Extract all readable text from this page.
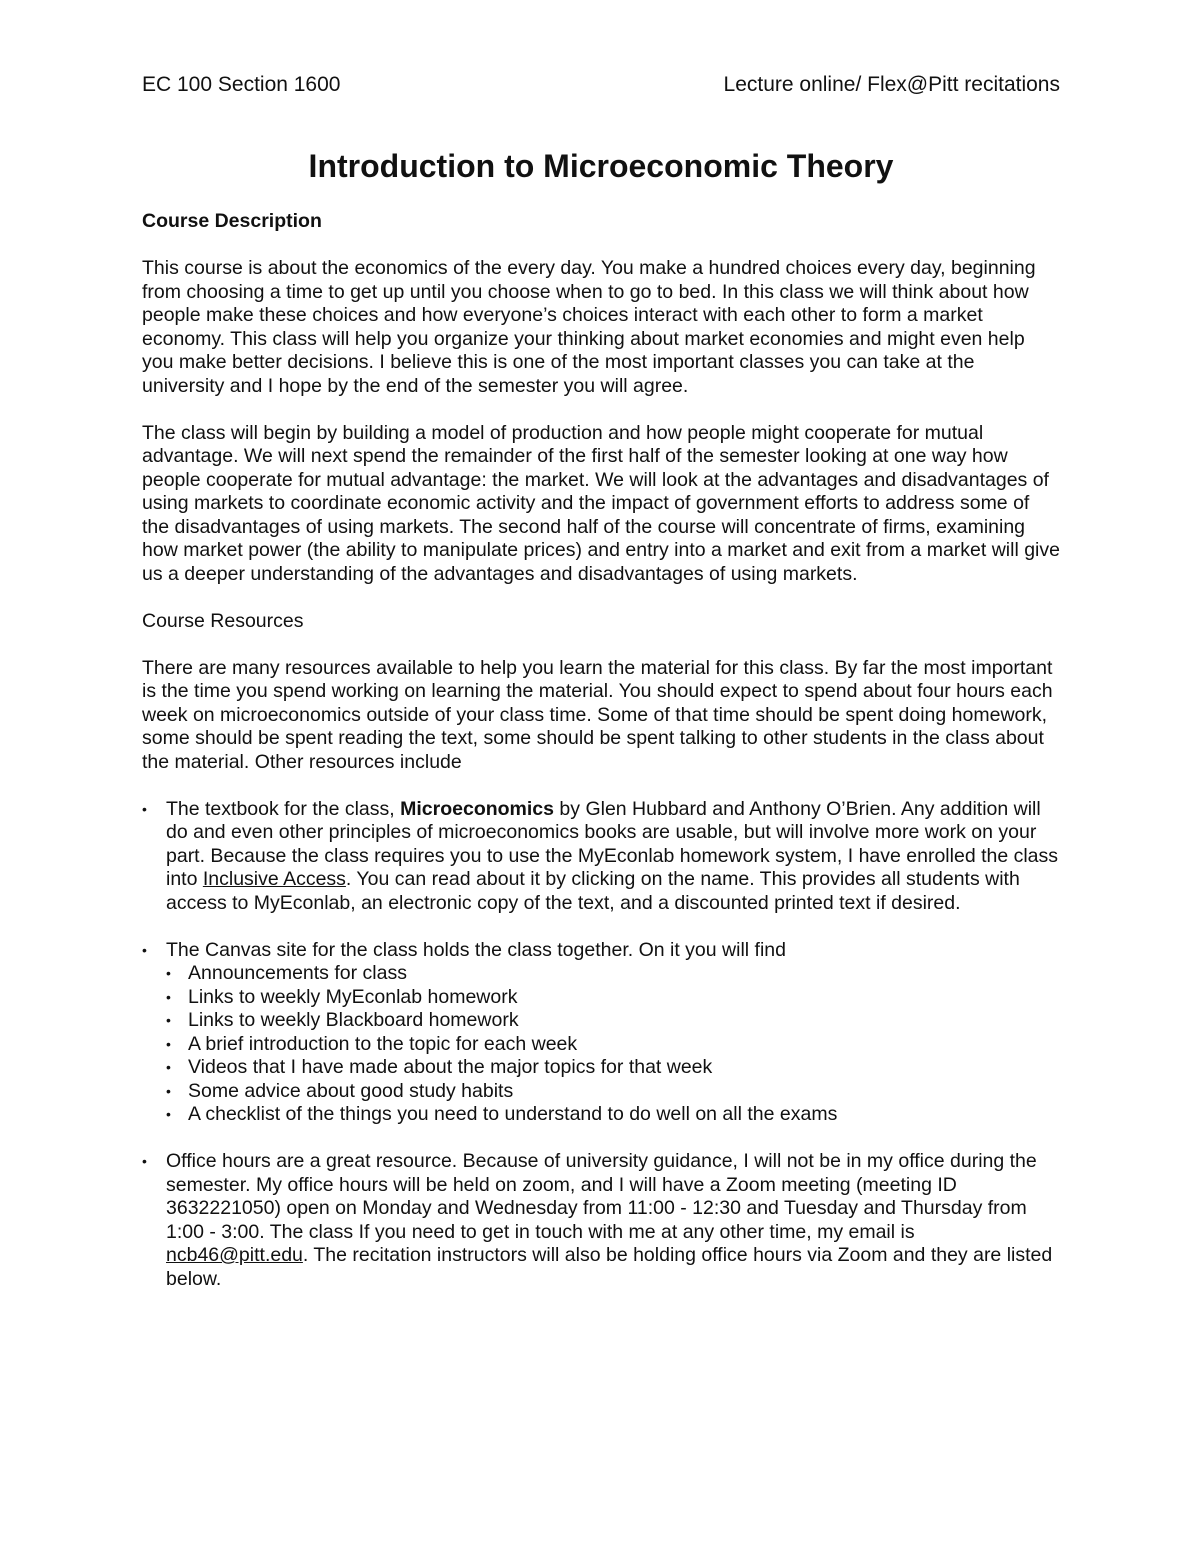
EC 100 Section 1600	Lecture online/ Flex@Pitt recitations
Introduction to Microeconomic Theory
Course Description

This course is about the economics of the every day. You make a hundred choices every day, beginning from choosing a time to get up until you choose when to go to bed. In this class we will think about how people make these choices and how everyone’s choices interact with each other to form a market economy. This class will help you organize your thinking about market economies and might even help you make better decisions. I believe this is one of the most important classes you can take at the university and I hope by the end of the semester you will agree.

The class will begin by building a model of production and how people might cooperate for mutual advantage. We will next spend the remainder of the first half of the semester looking at one way how people cooperate for mutual advantage: the market. We will look at the advantages and disadvantages of using markets to coordinate economic activity and the impact of government efforts to address some of the disadvantages of using markets. The second half of the course will concentrate of firms, examining how market power (the ability to manipulate prices) and entry into a market and exit from a market will give us a deeper understanding of the advantages and disadvantages of using markets.

Course Resources

There are many resources available to help you learn the material for this class. By far the most important is the time you spend working on learning the material. You should expect to spend about four hours each week on microeconomics outside of your class time. Some of that time should be spent doing homework, some should be spent reading the text, some should be spent talking to other students in the class about the material. Other resources include

• The textbook for the class, Microeconomics by Glen Hubbard and Anthony O’Brien. Any addition will do and even other principles of microeconomics books are usable, but will involve more work on your part. Because the class requires you to use the MyEconlab homework system, I have enrolled the class into Inclusive Access. You can read about it by clicking on the name. This provides all students with access to MyEconlab, an electronic copy of the text, and a discounted printed text if desired.
• The Canvas site for the class holds the class together. On it you will find
• Announcements for class
• Links to weekly MyEconlab homework
• Links to weekly Blackboard homework
• A brief introduction to the topic for each week
• Videos that I have made about the major topics for that week
• Some advice about good study habits
• A checklist of the things you need to understand to do well on all the exams
• Office hours are a great resource. Because of university guidance, I will not be in my office during the semester. My office hours will be held on zoom, and I will have a Zoom meeting (meeting ID 3632221050) open on Monday and Wednesday from 11:00 - 12:30 and Tuesday and Thursday from 1:00 - 3:00. The class If you need to get in touch with me at any other time, my email is ncb46@pitt.edu. The recitation instructors will also be holding office hours via Zoom and they are listed below.
